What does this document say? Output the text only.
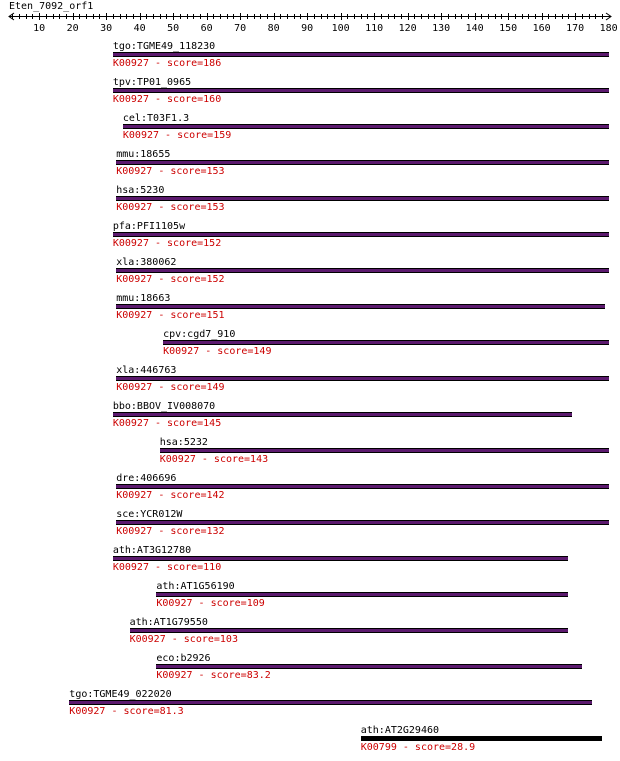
Eten_7092_orf1
10 20 30 40 50 60 70 80 90 100 110 120 130 140 150 160 170 180
tgo:TGME49_118230
K00927 - score=186
tpv:TP01_0965
K00927 - score=160
cel:T03F1.3
K00927 - score=159
mmu:18655
K00927 - score=153
hsa:5230
K00927 - score=153
pfa:PFI1105w
K00927 - score=152
xla:380062
K00927 - score=152
mmu:18663
K00927 - score=151
cpv:cgd7_910
K00927 - score=149
xla:446763
K00927 - score=149
bbo:BBOV_IV008070
K00927 - score=145
hsa:5232
K00927 - score=143
dre:406696
K00927 - score=142
sce:YCR012W
K00927 - score=132
ath:AT3G12780
K00927 - score=110
ath:AT1G56190
K00927 - score=109
ath:AT1G79550
K00927 - score=103
eco:b2926
K00927 - score=83.2
tgo:TGME49_022020
K00927 - score=81.3
ath:AT2G29460
K00799 - score=28.9
